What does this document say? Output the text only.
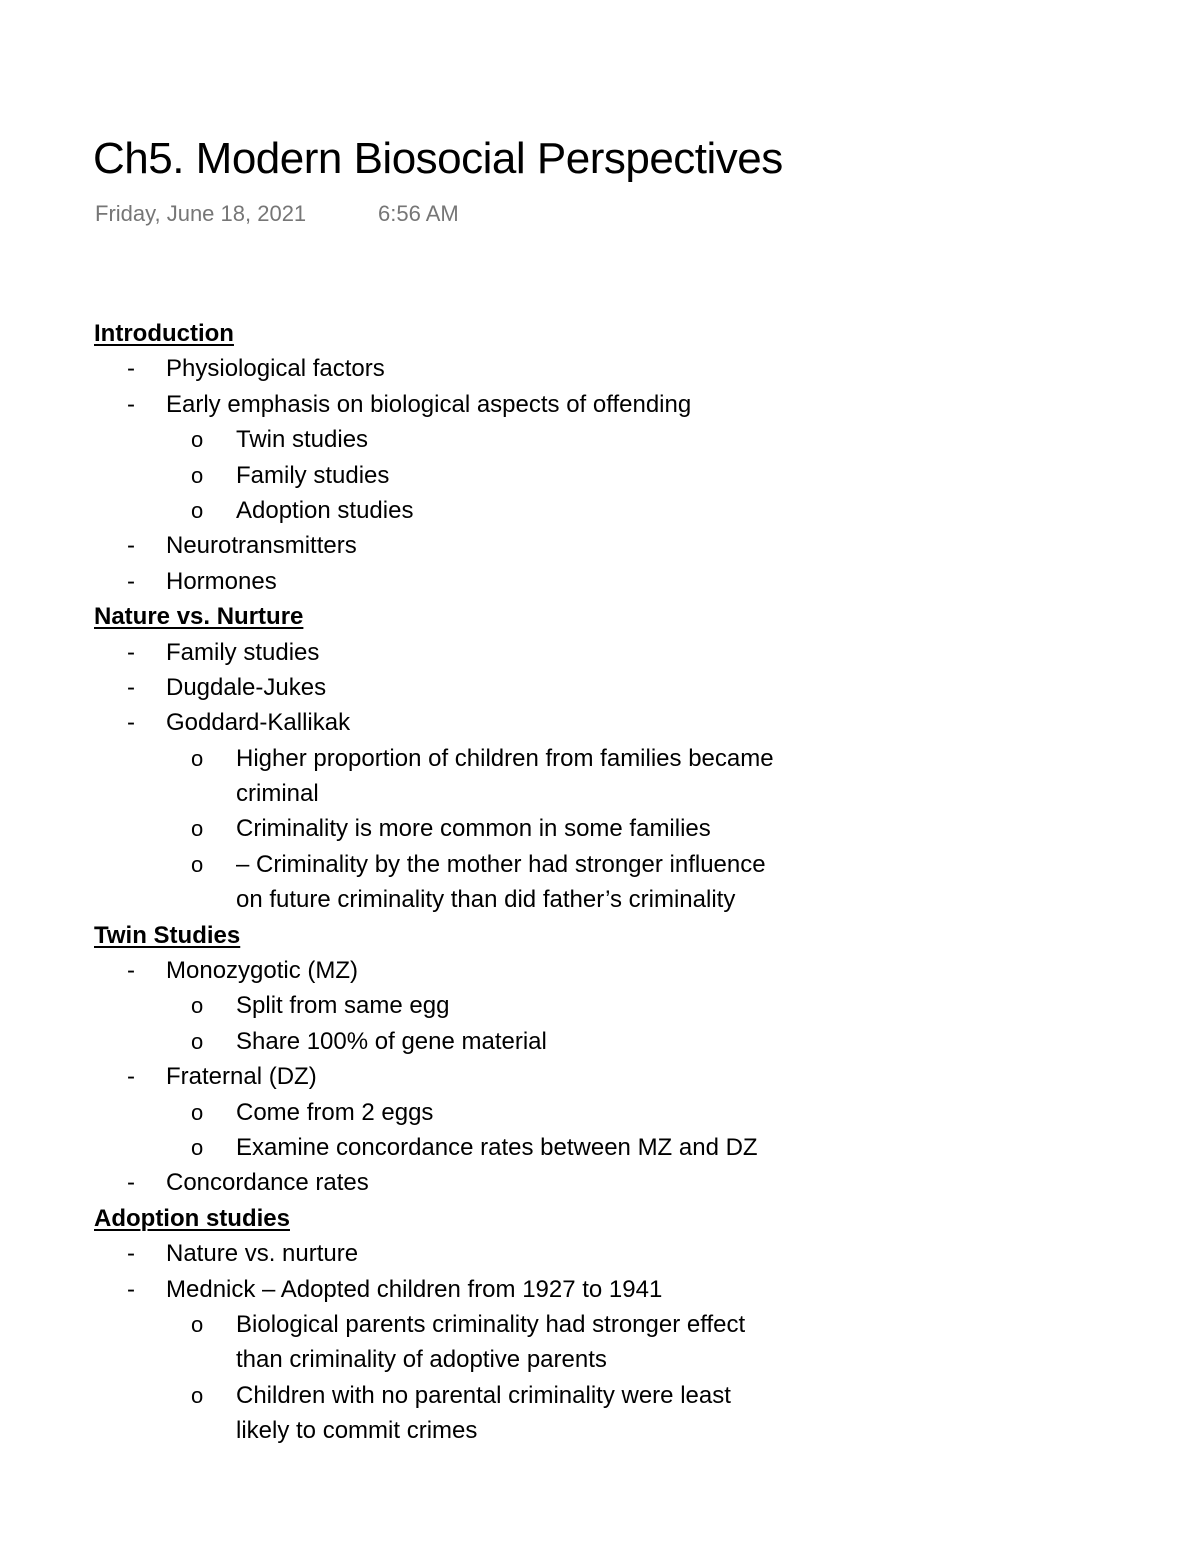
Ch5. Modern Biosocial Perspectives
Friday, June 18, 2021	6:56 AM
Introduction
- Physiological factors
- Early emphasis on biological aspects of offending
o Twin studies
o Family studies
o Adoption studies
- Neurotransmitters
- Hormones
Nature vs. Nurture
- Family studies
- Dugdale-Jukes
- Goddard-Kallikak
o Higher proportion of children from families became
criminal
o Criminality is more common in some families
o – Criminality by the mother had stronger influence
on future criminality than did father’s criminality
Twin Studies
- Monozygotic (MZ)
o Split from same egg
o Share 100% of gene material
- Fraternal (DZ)
o Come from 2 eggs
o Examine concordance rates between MZ and DZ
- Concordance rates
Adoption studies
- Nature vs. nurture
- Mednick – Adopted children from 1927 to 1941
o Biological parents criminality had stronger effect
than criminality of adoptive parents
o Children with no parental criminality were least
likely to commit crimes
